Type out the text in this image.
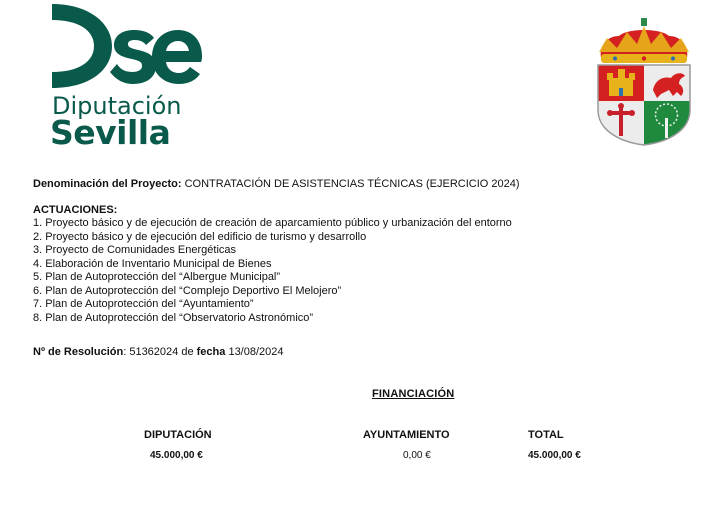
Diputación
Sevilla
Denominación del Proyecto: CONTRATACIÓN DE ASISTENCIAS TÉCNICAS (EJERCICIO 2024)
ACTUACIONES:
1. Proyecto básico y de ejecución de creación de aparcamiento público y urbanización del entorno
2. Proyecto básico y de ejecución del edificio de turismo y desarrollo
3. Proyecto de Comunidades Energéticas
4. Elaboración de Inventario Municipal de Bienes
5. Plan de Autoprotección del “Albergue Municipal”
6. Plan de Autoprotección del “Complejo Deportivo El Melojero”
7. Plan de Autoprotección del “Ayuntamiento”
8. Plan de Autoprotección del “Observatorio Astronómico”
Nº de Resolución: 51362024 de fecha 13/08/2024
FINANCIACIÓN
DIPUTACIÓN	AYUNTAMIENTO	TOTAL
45.000,00 €	0,00 €	45.000,00 €
